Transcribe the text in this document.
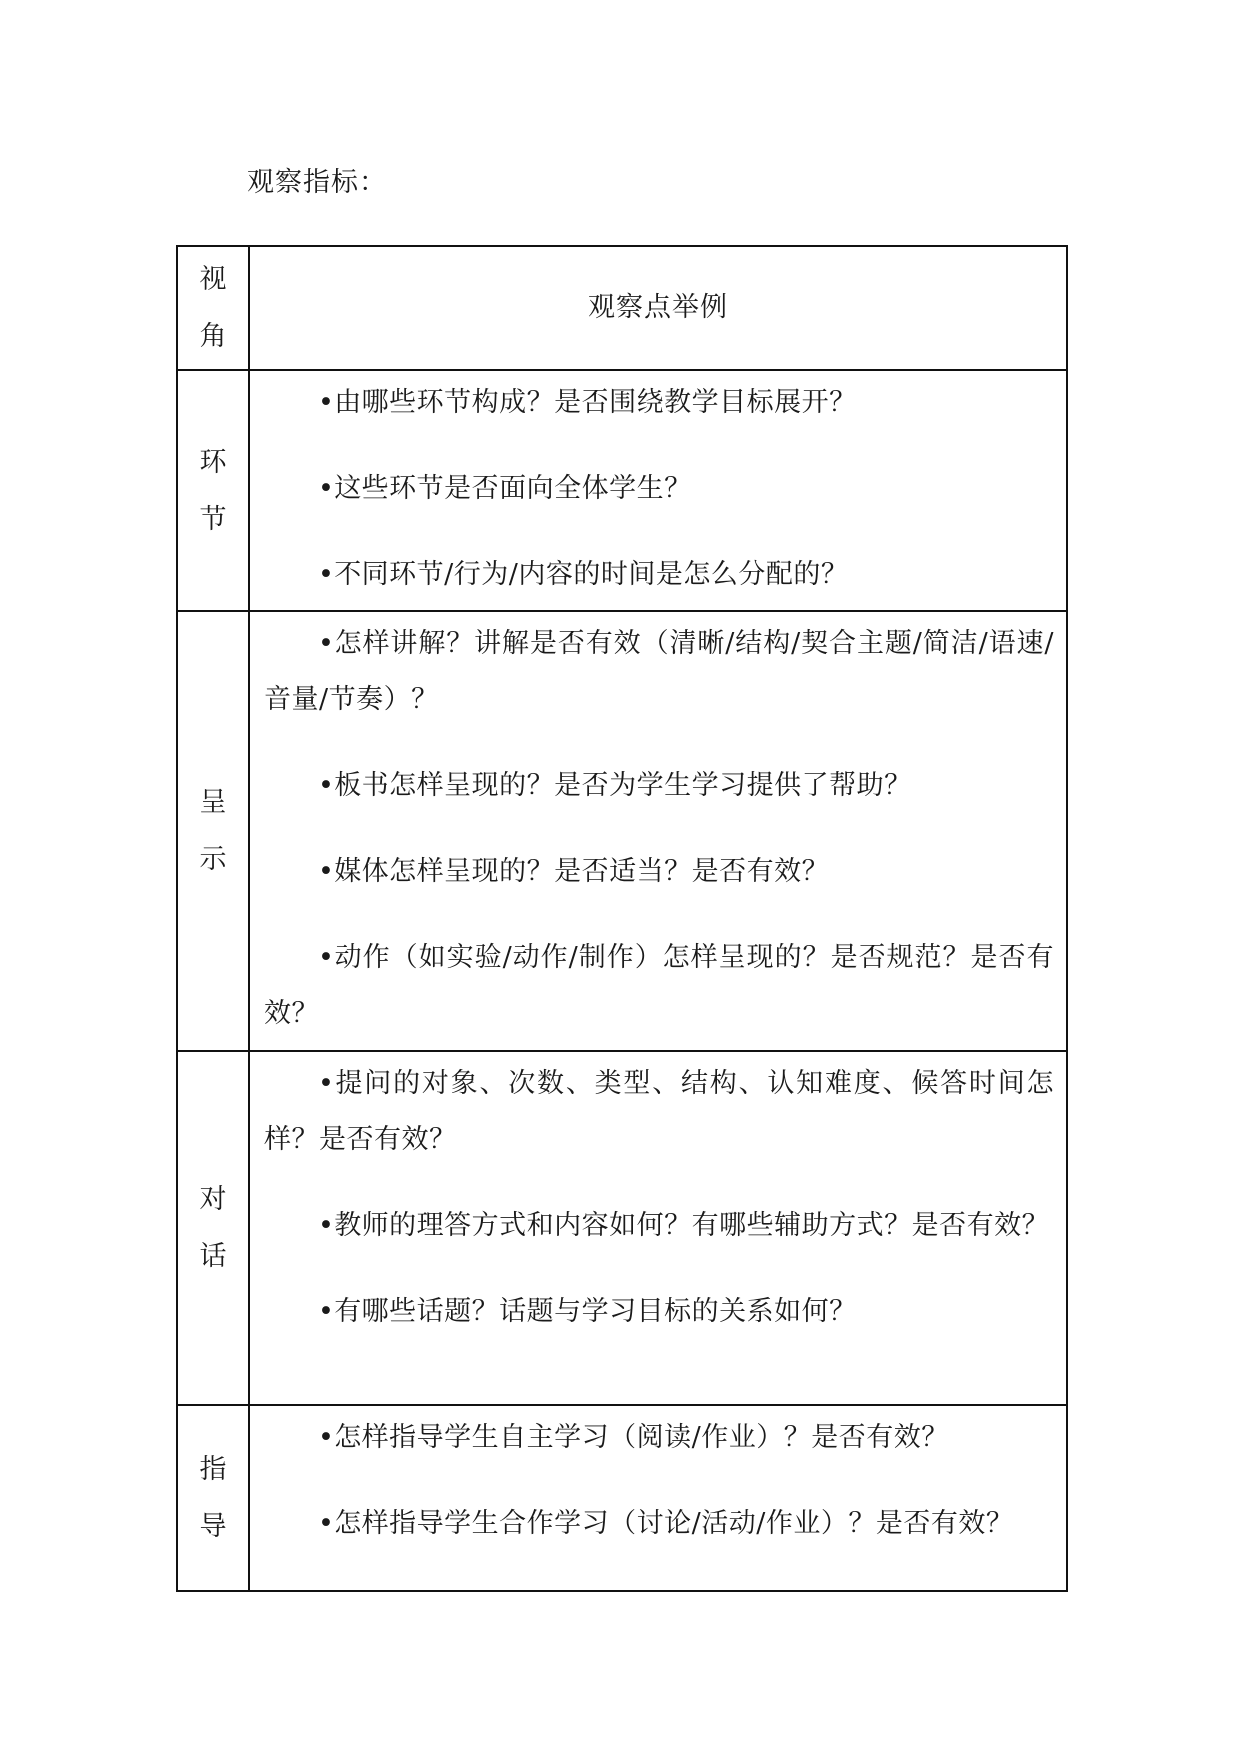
观察指标：
视角	观察点举例
环节	•由哪些环节构成？是否围绕教学目标展开？

•这些环节是否面向全体学生？

•不同环节/行为/内容的时间是怎么分配的？

呈示	•怎样讲解？讲解是否有效（清晰/结构/契合主题/简洁/语速/音量/节奏）？

•板书怎样呈现的？是否为学生学习提供了帮助？

•媒体怎样呈现的？是否适当？是否有效？

•动作（如实验/动作/制作）怎样呈现的？是否规范？是否有效？

对话	•提问的对象、次数、类型、结构、认知难度、候答时间怎样？是否有效？

•教师的理答方式和内容如何？有哪些辅助方式？是否有效？

•有哪些话题？话题与学习目标的关系如何？

指导	•怎样指导学生自主学习（阅读/作业）？是否有效？

•怎样指导学生合作学习（讨论/活动/作业）？是否有效？
